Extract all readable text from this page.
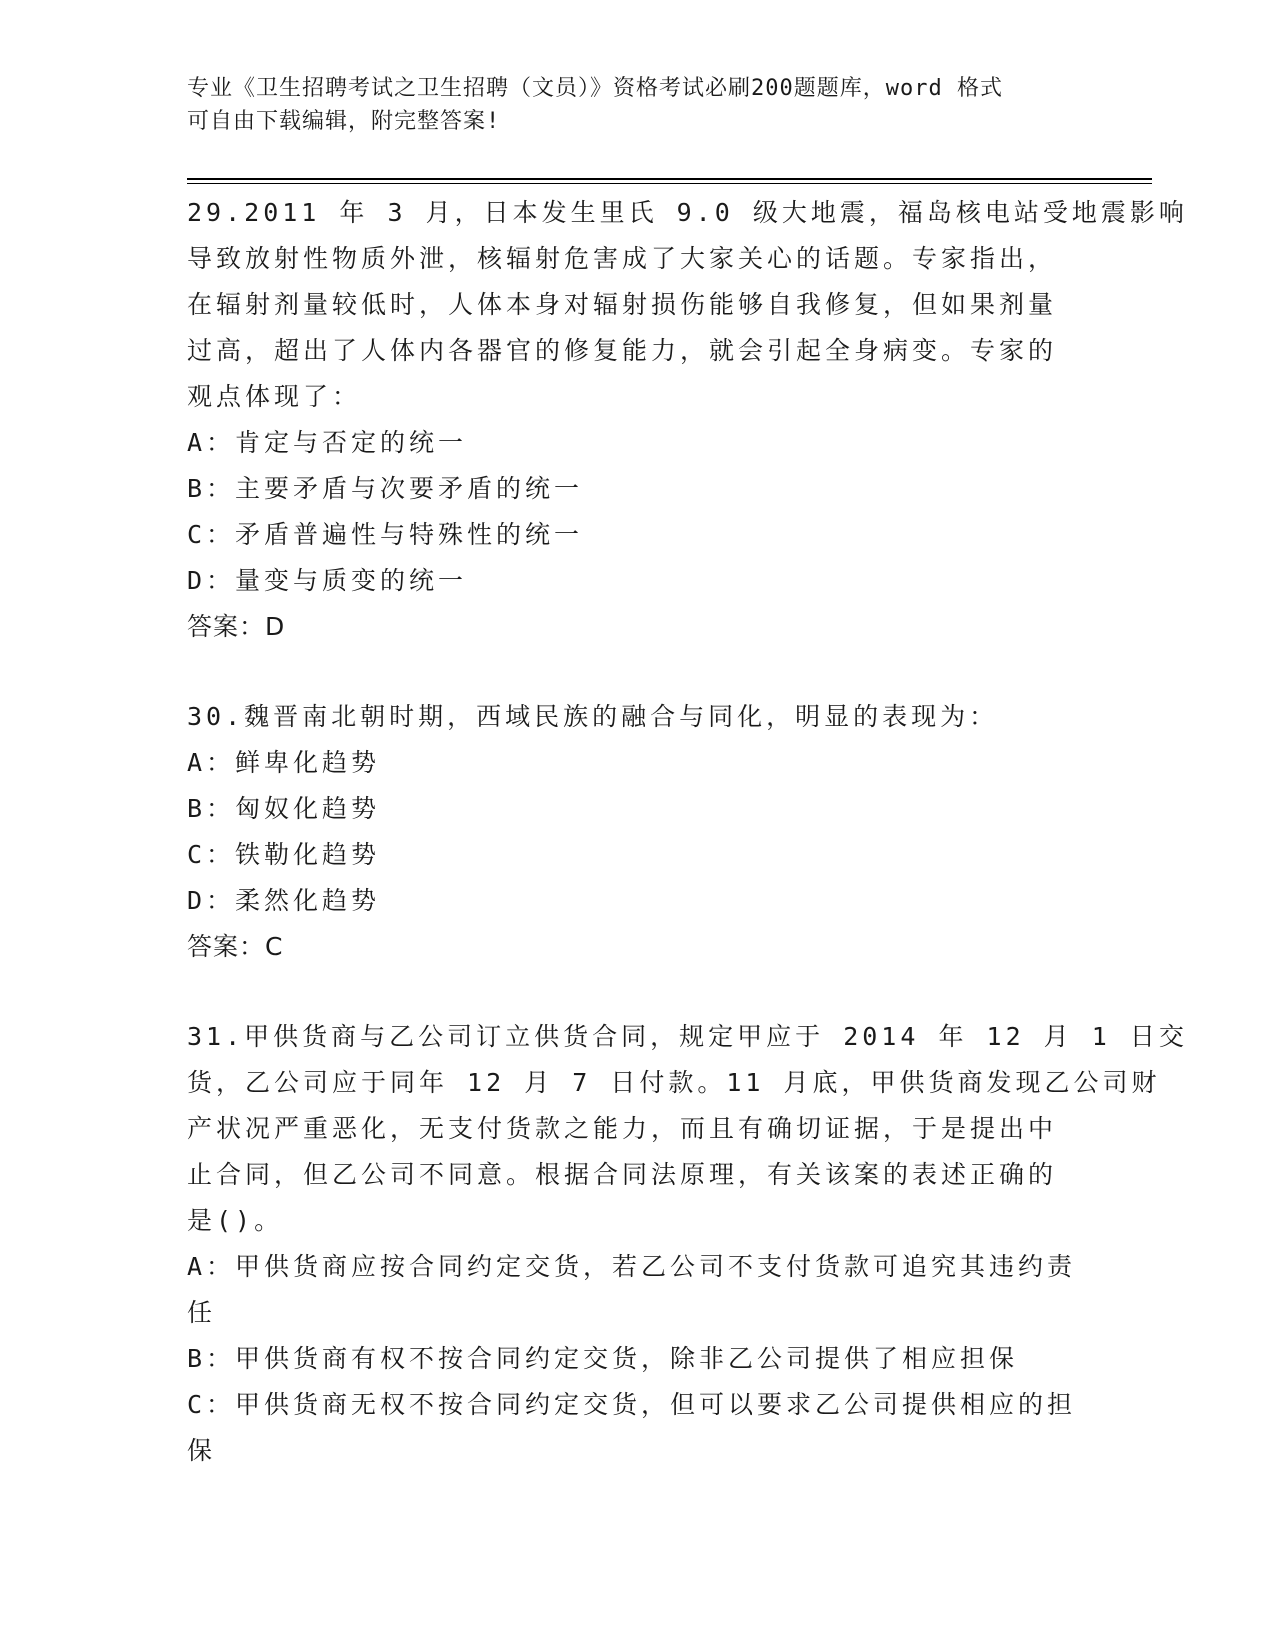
专业《卫生招聘考试之卫生招聘（文员）》资格考试必刷200题题库，word 格式
可自由下载编辑，附完整答案!
29.2011 年 3 月，日本发生里氏 9.0 级大地震，福岛核电站受地震影响
导致放射性物质外泄，核辐射危害成了大家关心的话题。专家指出，
在辐射剂量较低时，人体本身对辐射损伤能够自我修复，但如果剂量
过高，超出了人体内各器官的修复能力，就会引起全身病变。专家的
观点体现了：
A：肯定与否定的统一
B：主要矛盾与次要矛盾的统一
C：矛盾普遍性与特殊性的统一
D：量变与质变的统一
答案：D
30.魏晋南北朝时期，西域民族的融合与同化，明显的表现为：
A：鲜卑化趋势
B：匈奴化趋势
C：铁勒化趋势
D：柔然化趋势
答案：C
31.甲供货商与乙公司订立供货合同，规定甲应于 2014 年 12 月 1 日交
货，乙公司应于同年 12 月 7 日付款。11 月底，甲供货商发现乙公司财
产状况严重恶化，无支付货款之能力，而且有确切证据，于是提出中
止合同，但乙公司不同意。根据合同法原理，有关该案的表述正确的
是()。
A：甲供货商应按合同约定交货，若乙公司不支付货款可追究其违约责
任
B：甲供货商有权不按合同约定交货，除非乙公司提供了相应担保
C：甲供货商无权不按合同约定交货，但可以要求乙公司提供相应的担
保
